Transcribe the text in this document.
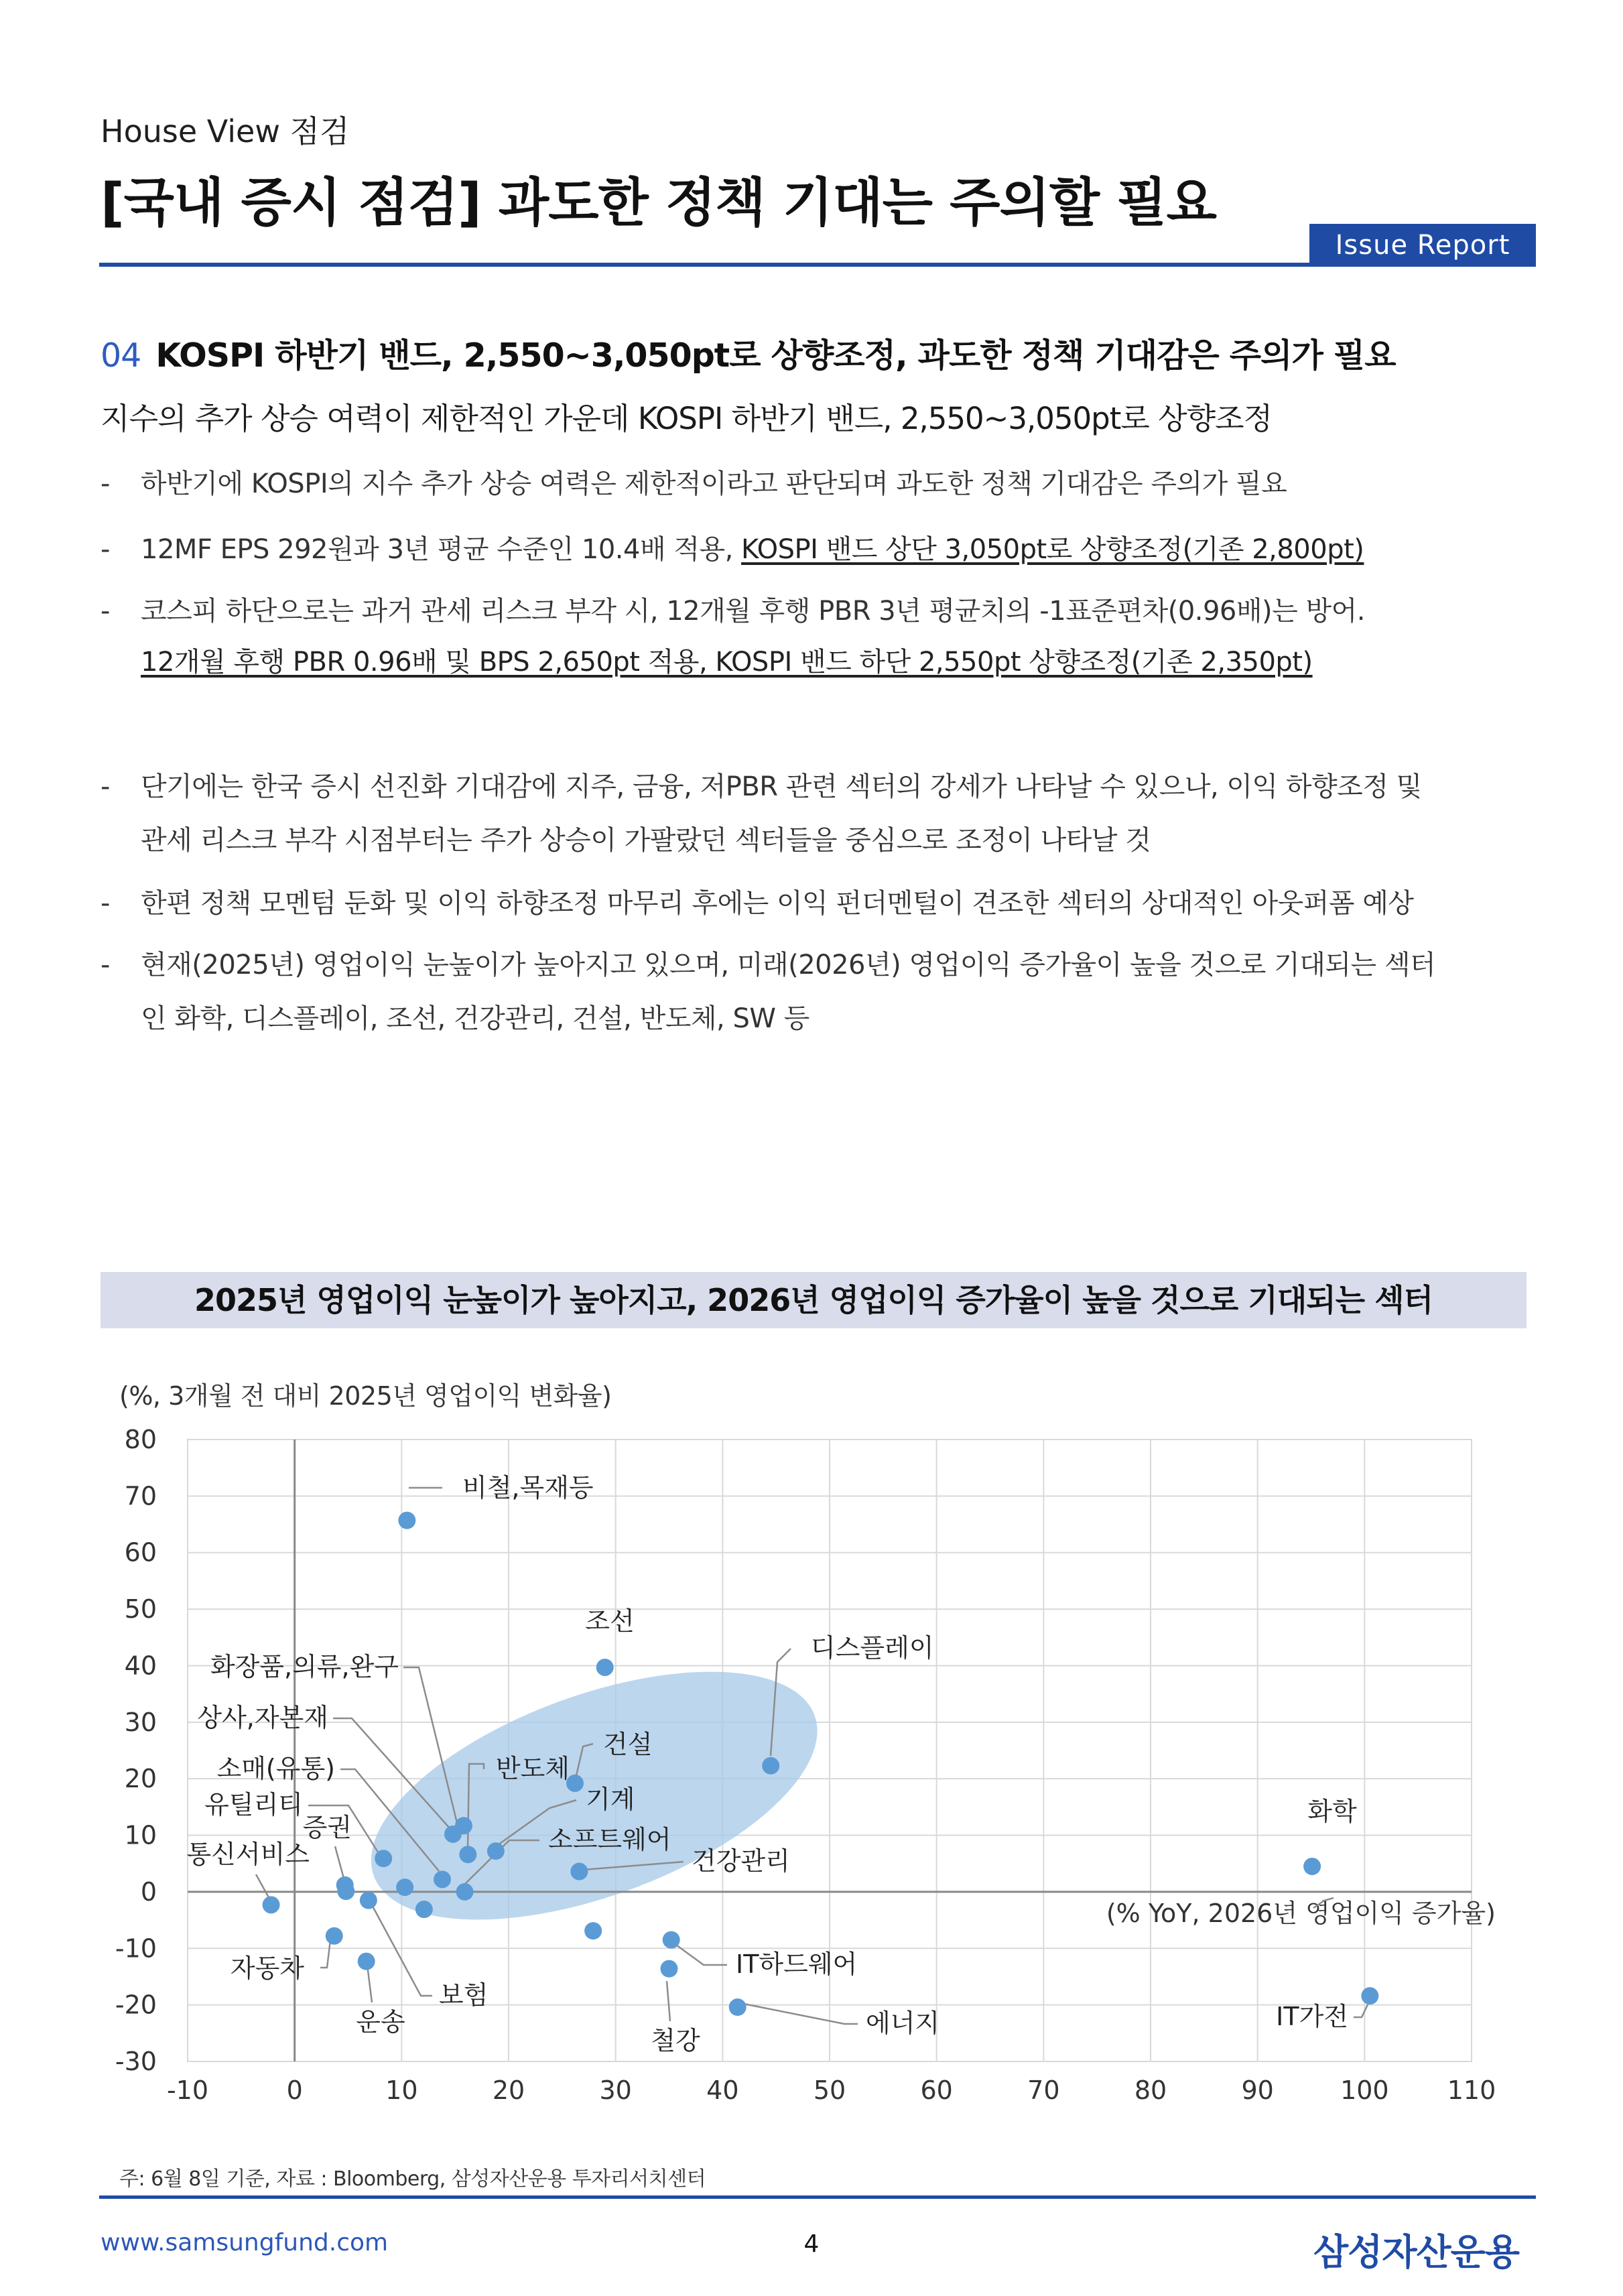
House View 점검
[국내 증시 점검] 과도한 정책 기대는 주의할 필요
Issue Report
04 KOSPI 하반기 밴드, 2,550~3,050pt로 상향조정, 과도한 정책 기대감은 주의가 필요
지수의 추가 상승 여력이 제한적인 가운데 KOSPI 하반기 밴드, 2,550~3,050pt로 상향조정
- 하반기에 KOSPI의 지수 추가 상승 여력은 제한적이라고 판단되며 과도한 정책 기대감은 주의가 필요
- 12MF EPS 292원과 3년 평균 수준인 10.4배 적용, KOSPI 밴드 상단 3,050pt로 상향조정(기존 2,800pt)
- 코스피 하단으로는 과거 관세 리스크 부각 시, 12개월 후행 PBR 3년 평균치의 -1표준편차(0.96배)는 방어.
12개월 후행 PBR 0.96배 및 BPS 2,650pt 적용, KOSPI 밴드 하단 2,550pt 상향조정(기존 2,350pt)
- 단기에는 한국 증시 선진화 기대감에 지주, 금융, 저PBR 관련 섹터의 강세가 나타날 수 있으나, 이익 하향조정 및
관세 리스크 부각 시점부터는 주가 상승이 가팔랐던 섹터들을 중심으로 조정이 나타날 것
- 한편 정책 모멘텀 둔화 및 이익 하향조정 마무리 후에는 이익 펀더멘털이 견조한 섹터의 상대적인 아웃퍼폼 예상
- 현재(2025년) 영업이익 눈높이가 높아지고 있으며, 미래(2026년) 영업이익 증가율이 높을 것으로 기대되는 섹터
인 화학, 디스플레이, 조선, 건강관리, 건설, 반도체, SW 등
2025년 영업이익 눈높이가 높아지고, 2026년 영업이익 증가율이 높을 것으로 기대되는 섹터
(%, 3개월 전 대비 2025년 영업이익 변화율)
-10	0	10	20	30	40	50	60	70	80	90	100 110
-30
-20
-10
0
10
20
30
40
50
60
70
80
(% YoY, 2026년 영업이익 증가율)
비철,목재등
조선
디스플레이
화장품,의류,완구
상사,자본재
반도체
건설
기계
소프트웨어
건강관리
소매(유통)
유틸리티
증권
통신서비스
자동차
운송
보험
IT하드웨어
철강
에너지
화학
IT가전
주: 6월 8일 기준, 자료 : Bloomberg, 삼성자산운용 투자리서치센터
www.samsungfund.com	4	삼성자산운용
